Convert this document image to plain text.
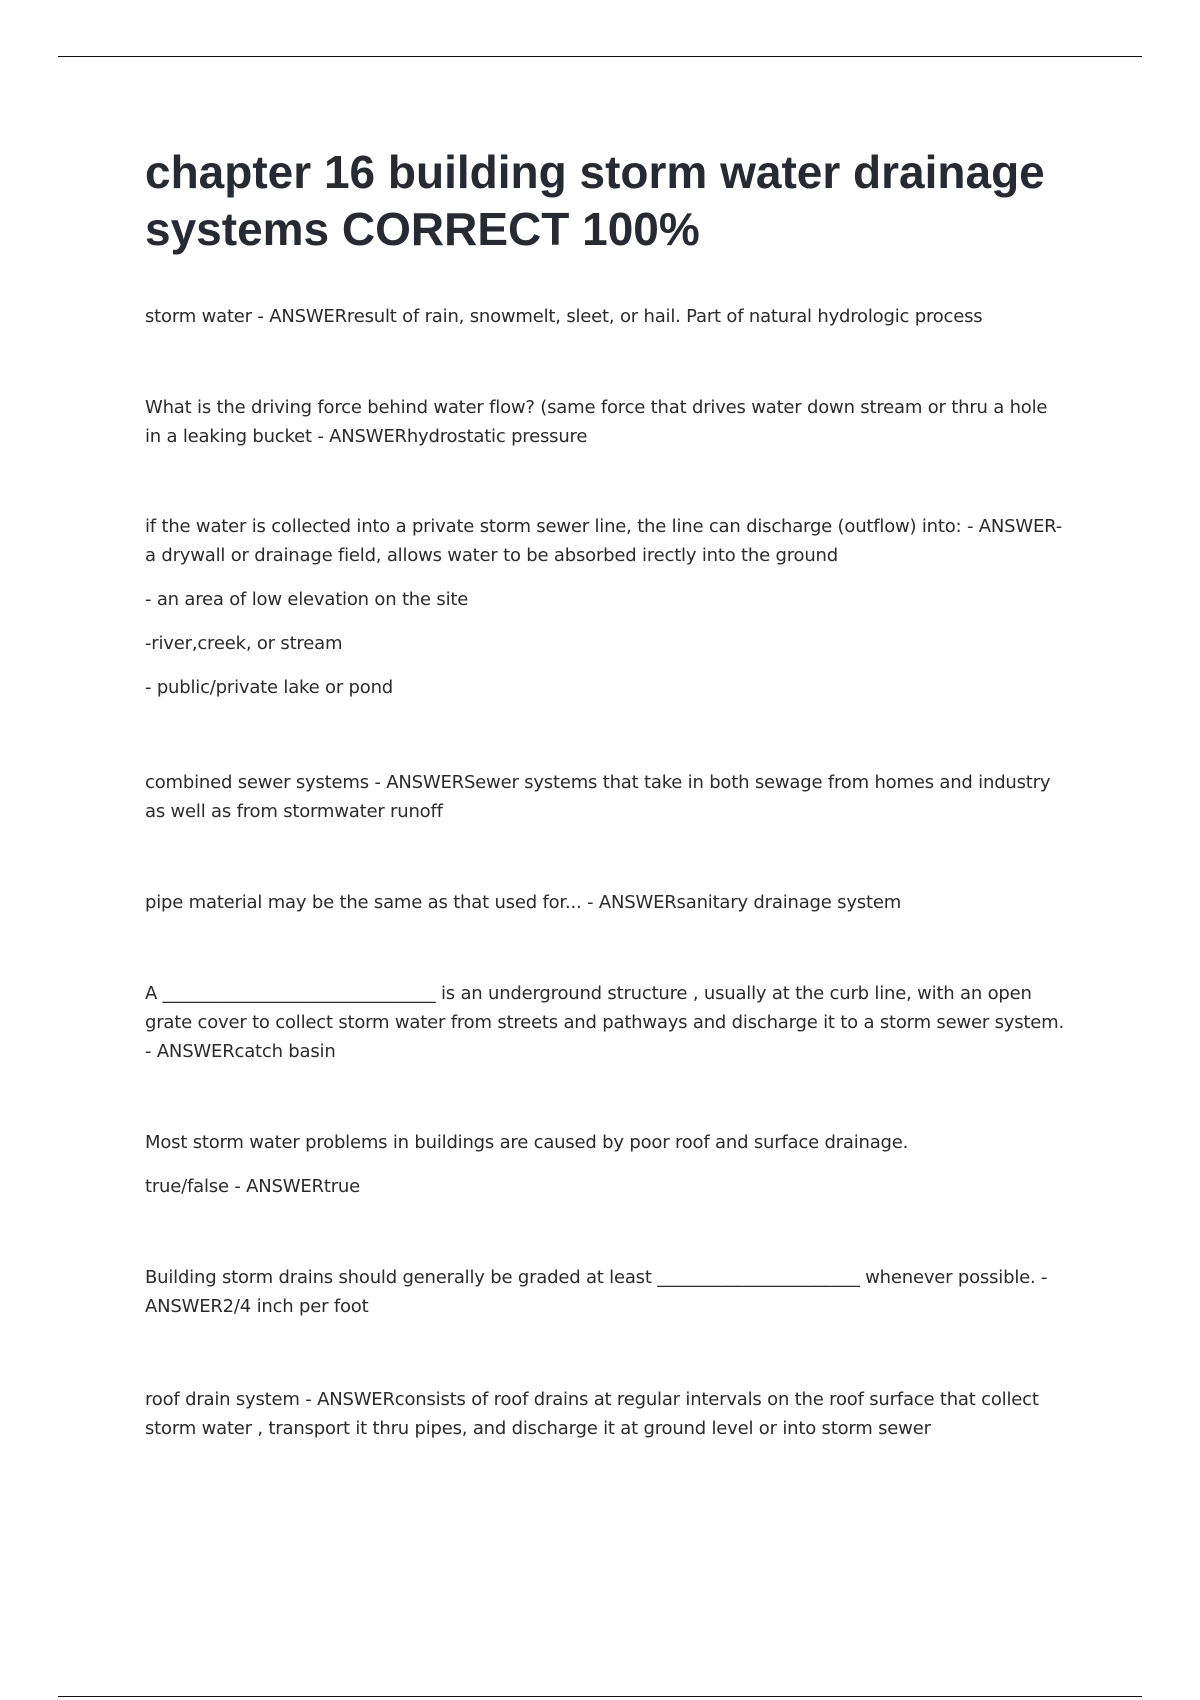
chapter 16 building storm water drainage systems CORRECT 100%

storm water - ANSWERresult of rain, snowmelt, sleet, or hail. Part of natural hydrologic process

What is the driving force behind water flow? (same force that drives water down stream or thru a hole in a leaking bucket - ANSWERhydrostatic pressure

if the water is collected into a private storm sewer line, the line can discharge (outflow) into: - ANSWER- a drywall or drainage field, allows water to be absorbed irectly into the ground

- an area of low elevation on the site

-river,creek, or stream

- public/private lake or pond

combined sewer systems - ANSWERSewer systems that take in both sewage from homes and industry as well as from stormwater runoff

pipe material may be the same as that used for... - ANSWERsanitary drainage system

A _______________________________ is an underground structure , usually at the curb line, with an open grate cover to collect storm water from streets and pathways and discharge it to a storm sewer system. - ANSWERcatch basin

Most storm water problems in buildings are caused by poor roof and surface drainage.

true/false - ANSWERtrue

Building storm drains should generally be graded at least _______________________ whenever possible. - ANSWER2/4 inch per foot

roof drain system - ANSWERconsists of roof drains at regular intervals on the roof surface that collect storm water , transport it thru pipes, and discharge it at ground level or into storm sewer
